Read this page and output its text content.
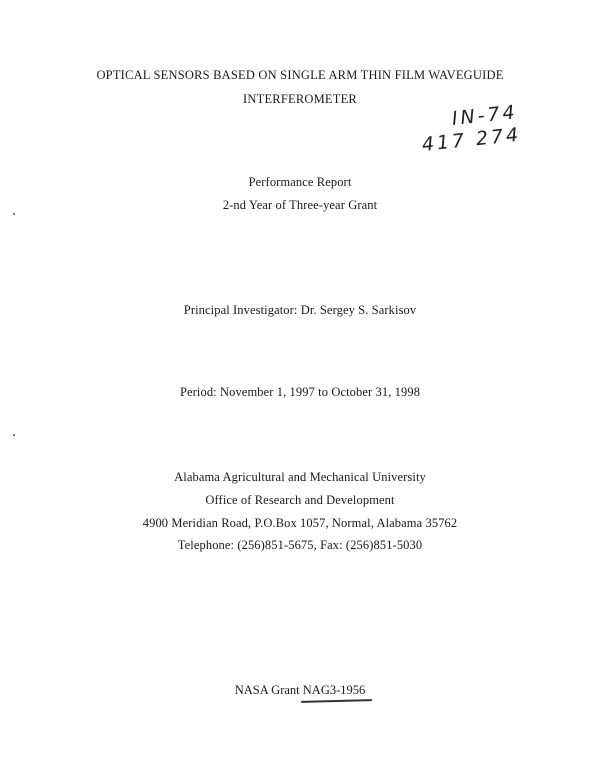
OPTICAL SENSORS BASED ON SINGLE ARM THIN FILM WAVEGUIDE
INTERFEROMETER
IN-74
417 274
Performance Report
2-nd Year of Three-year Grant
Principal Investigator: Dr. Sergey S. Sarkisov
Period: November 1, 1997 to October 31, 1998
Alabama Agricultural and Mechanical University
Office of Research and Development
4900 Meridian Road, P.O.Box 1057, Normal, Alabama 35762
Telephone: (256)851-5675, Fax: (256)851-5030
NASA Grant NAG3-1956
